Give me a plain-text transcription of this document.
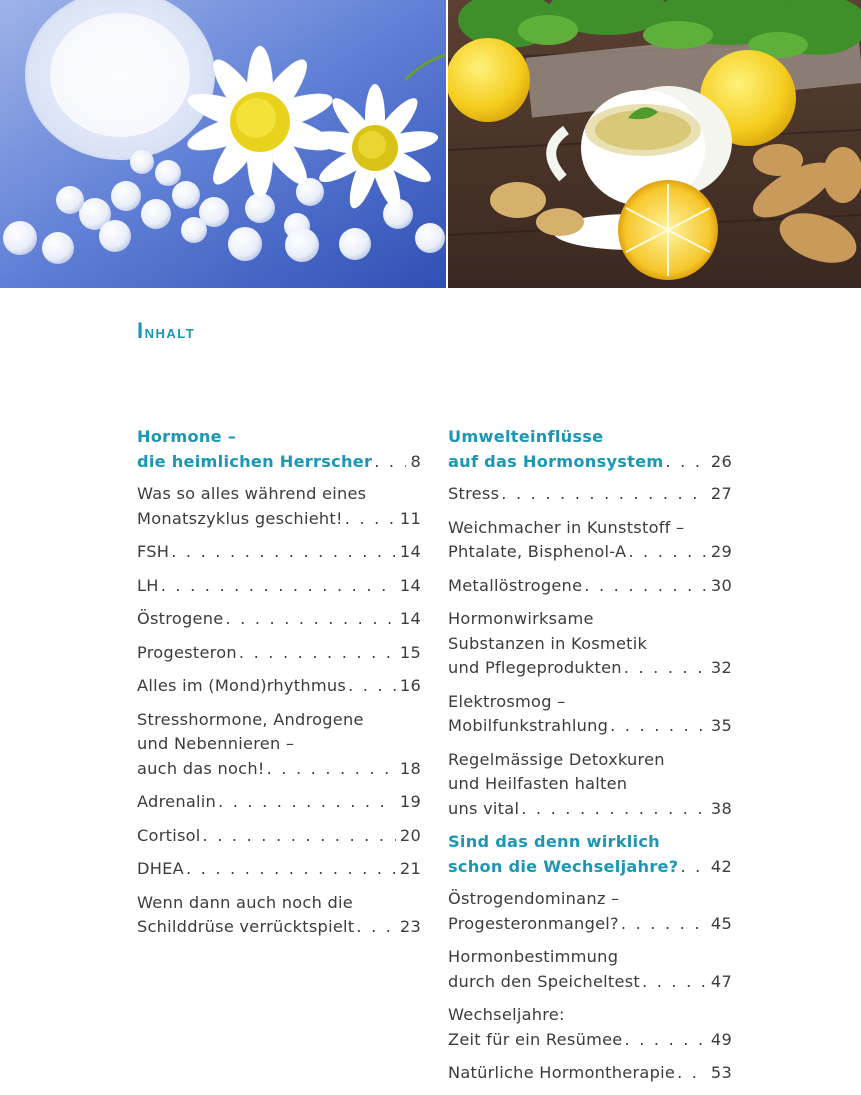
Inhalt
Hormone –
die heimlichen Herrscher . . . 8
Was so alles während eines
Monatszyklus geschieht! . . .	11
FSH . . .	14
LH . . .	14
Östrogene . . .	14
Progesteron . . .	15
Alles im (Mond)rhythmus . . .	16
Stresshormone, Androgene
und Nebennieren –
auch das noch! . . .	18
Adrenalin . . .	19
Cortisol . . .	20
DHEA . . .	21
Wenn dann auch noch die
Schilddrüse verrücktspielt . . .	23
Umwelteinflüsse
auf das Hormonsystem . . .	26
Stress . . .	27
Weichmacher in Kunststoff –
Phtalate, Bisphenol-A . . .	29
Metallöstrogene . . .	30
Hormonwirksame
Substanzen in Kosmetik
und Pflegeprodukten . . .	32
Elektrosmog –
Mobilfunkstrahlung . . .	35
Regelmässige Detoxkuren
und Heilfasten halten
uns vital . . .	38
Sind das denn wirklich
schon die Wechseljahre? . . . 42
Östrogendominanz –
Progesteronmangel? . . .	45
Hormonbestimmung
durch den Speicheltest . . .	47
Wechseljahre:
Zeit für ein Resümee . . .	49
Natürliche Hormontherapie . . . 53
